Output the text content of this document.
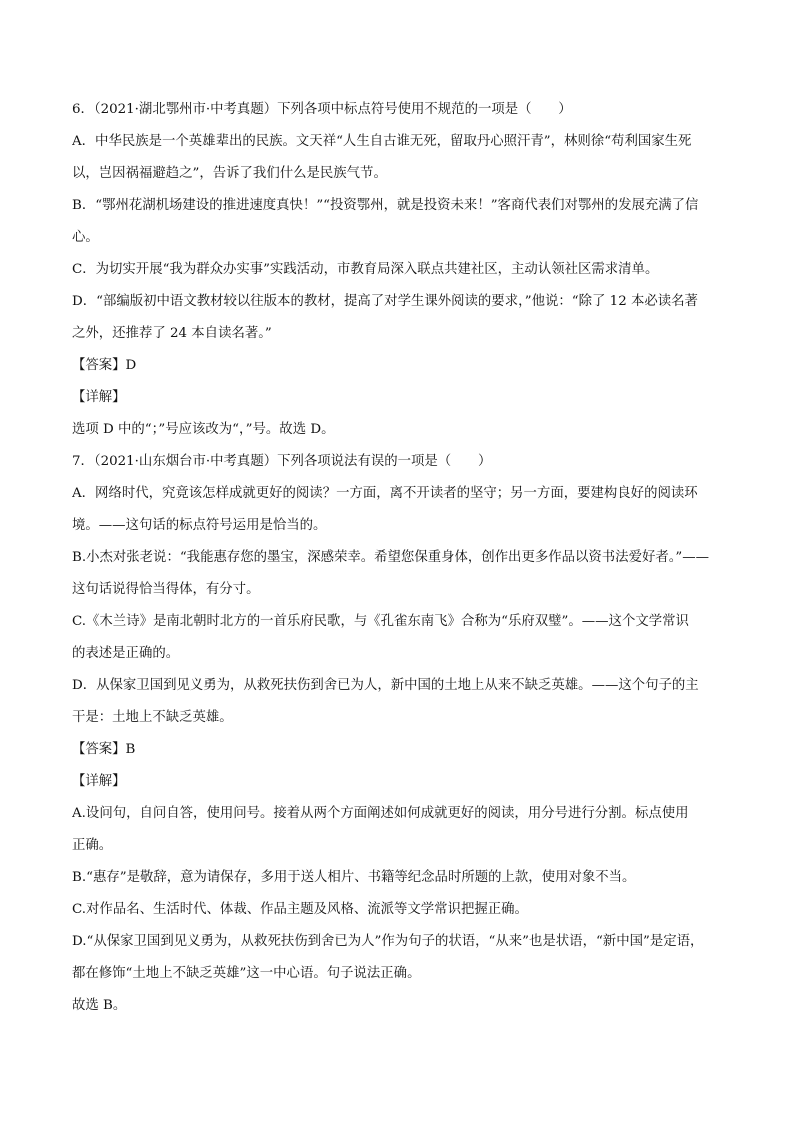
6．（2021·湖北鄂州市·中考真题）下列各项中标点符号使用不规范的一项是（　　）
A．中华民族是一个英雄辈出的民族。文天祥“人生自古谁无死，留取丹心照汗青”，林则徐“苟利国家生死
以，岂因祸福避趋之”，告诉了我们什么是民族气节。
B．“鄂州花湖机场建设的推进速度真快！”“投资鄂州，就是投资未来！”客商代表们对鄂州的发展充满了信
心。
C．为切实开展“我为群众办实事”实践活动，市教育局深入联点共建社区，主动认领社区需求清单。
D．“部编版初中语文教材较以往版本的教材，提高了对学生课外阅读的要求，”他说：“除了 12 本必读名著
之外，还推荐了 24 本自读名著。”
【答案】D
【详解】
选项 D 中的“；”号应该改为“，”号。故选 D。
7．（2021·山东烟台市·中考真题）下列各项说法有误的一项是（　　）
A．网络时代，究竟该怎样成就更好的阅读？一方面，离不开读者的坚守；另一方面，要建构良好的阅读环
境。——这句话的标点符号运用是恰当的。
B.小杰对张老说：“我能惠存您的墨宝，深感荣幸。希望您保重身体，创作出更多作品以资书法爱好者。”——
这句话说得恰当得体，有分寸。
C.《木兰诗》是南北朝时北方的一首乐府民歌，与《孔雀东南飞》合称为“乐府双璧”。——这个文学常识
的表述是正确的。
D．从保家卫国到见义勇为，从救死扶伤到舍已为人，新中国的土地上从来不缺乏英雄。——这个句子的主
干是：土地上不缺乏英雄。
【答案】B
【详解】
A.设问句，自问自答，使用问号。接着从两个方面阐述如何成就更好的阅读，用分号进行分割。标点使用
正确。
B.“惠存”是敬辞，意为请保存，多用于送人相片、书籍等纪念品时所题的上款，使用对象不当。
C.对作品名、生活时代、体裁、作品主题及风格、流派等文学常识把握正确。
D.“从保家卫国到见义勇为，从救死扶伤到舍已为人”作为句子的状语，“从来”也是状语，“新中国”是定语，
都在修饰“土地上不缺乏英雄”这一中心语。句子说法正确。
故选 B。
